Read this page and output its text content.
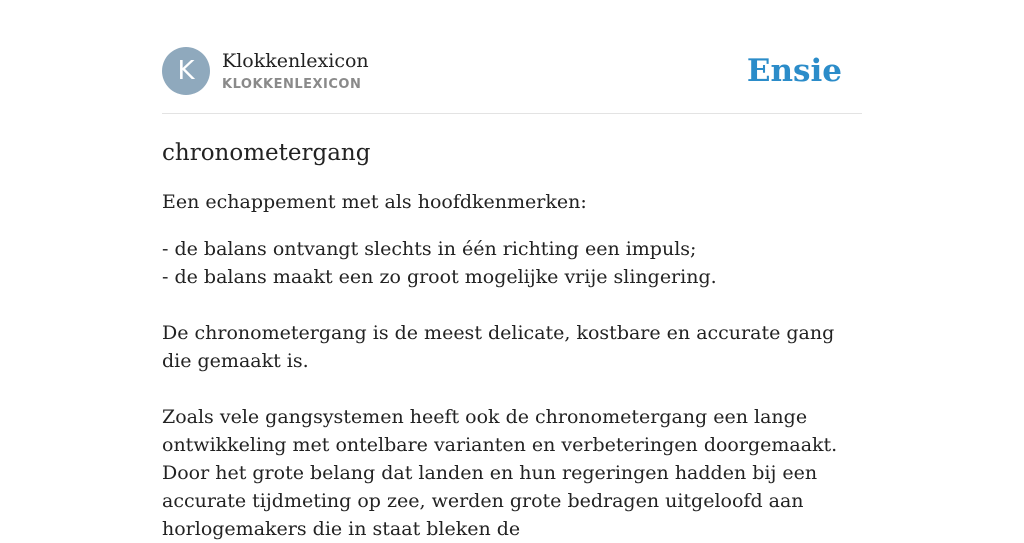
K	Klokkenlexicon
KLOKKENLEXICON	Ensie
chronometergang

Een echappement met als hoofdkenmerken:

- de balans ontvangt slechts in één richting een impuls;
- de balans maakt een zo groot mogelijke vrije slingering.

De chronometergang is de meest delicate, kostbare en accurate gang die gemaakt is.

Zoals vele gangsystemen heeft ook de chronometergang een lange ontwikkeling met ontelbare varianten en verbeteringen doorgemaakt. Door het grote belang dat landen en hun regeringen hadden bij een accurate tijdmeting op zee, werden grote bedragen uitgeloofd aan horlogemakers die in staat bleken de
